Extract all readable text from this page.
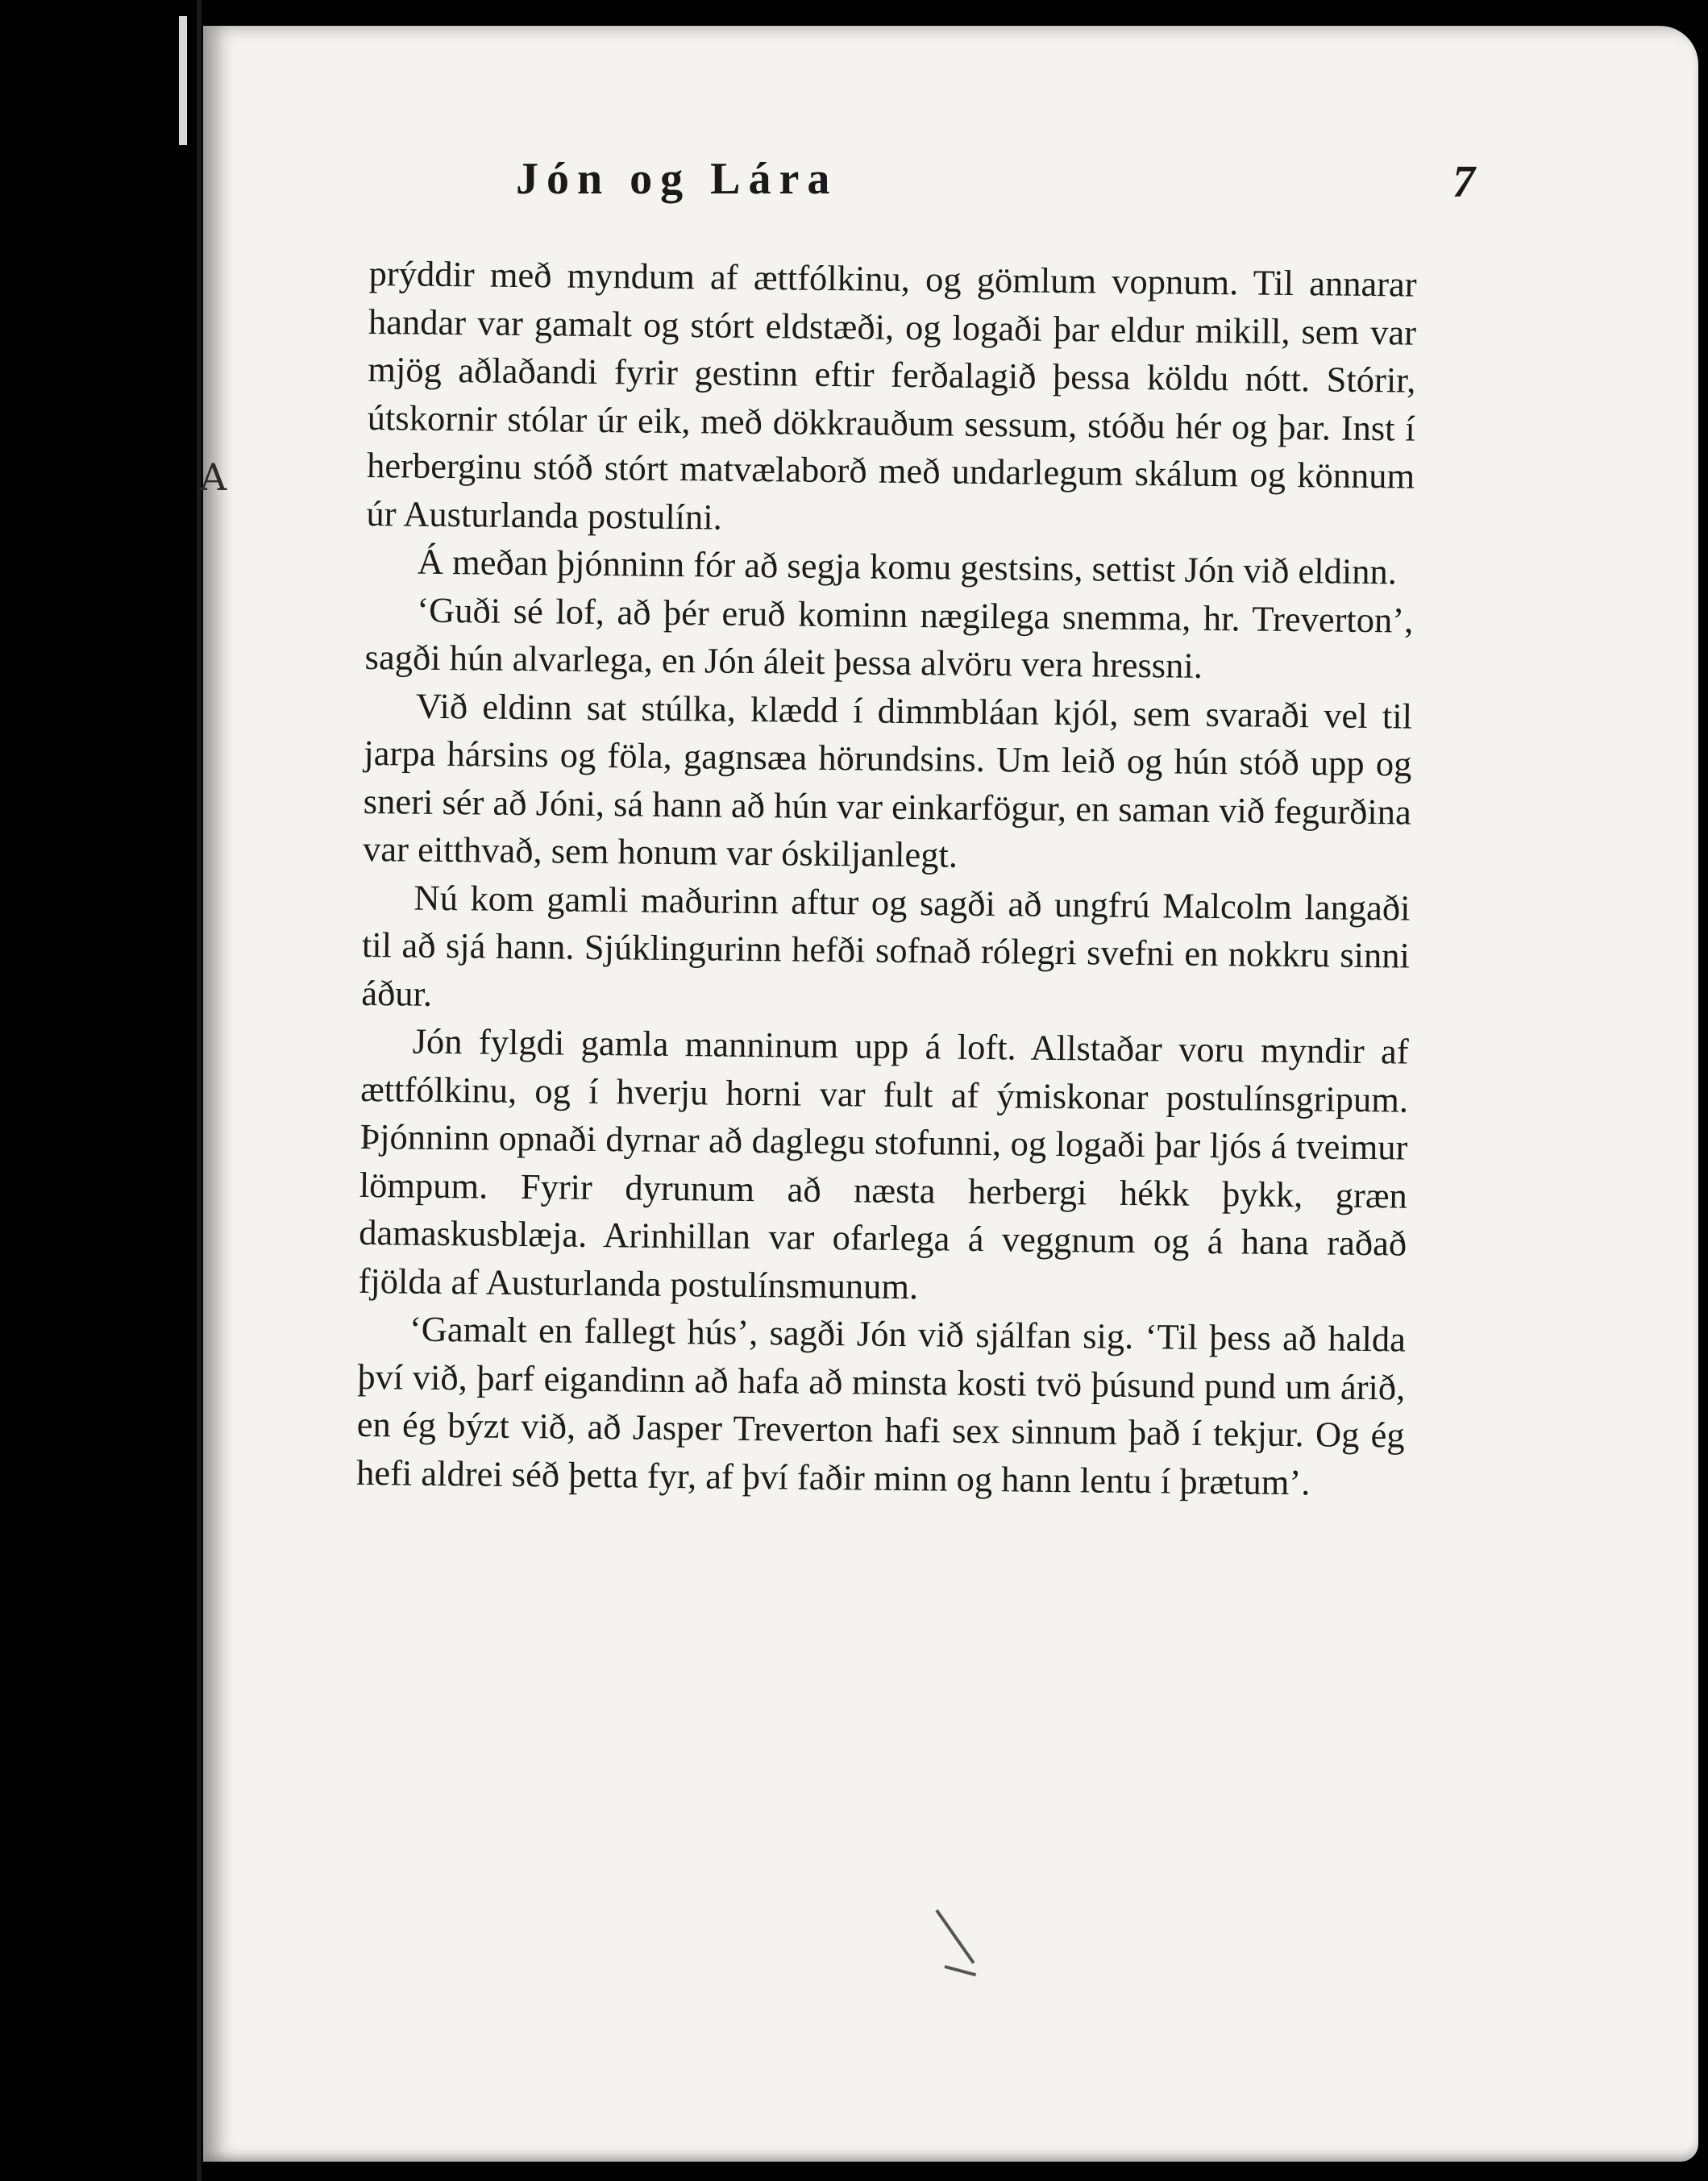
A
Jón og Lára	7

prýddir með myndum af ættfólkinu, og gömlum vopnum. Til annarar handar var gamalt og stórt eldstæði, og logaði þar eldur mikill, sem var mjög aðlaðandi fyrir gestinn eftir ferðalagið þessa köldu nótt. Stórir, útskornir stólar úr eik, með dökkrauðum sessum, stóðu hér og þar. Inst í herberginu stóð stórt matvælaborð með undarlegum skálum og könnum úr Austurlanda postulíni.

Á meðan þjónninn fór að segja komu gestsins, settist Jón við eldinn.

‘Guði sé lof, að þér eruð kominn nægilega snemma, hr. Treverton’, sagði hún alvarlega, en Jón áleit þessa alvöru vera hressni.

Við eldinn sat stúlka, klædd í dimmbláan kjól, sem svaraði vel til jarpa hársins og föla, gagnsæa hörundsins. Um leið og hún stóð upp og sneri sér að Jóni, sá hann að hún var einkarfögur, en saman við fegurðina var eitthvað, sem honum var óskiljanlegt.

Nú kom gamli maðurinn aftur og sagði að ungfrú Malcolm langaði til að sjá hann. Sjúklingurinn hefði sofnað rólegri svefni en nokkru sinni áður.

Jón fylgdi gamla manninum upp á loft. Allstaðar voru myndir af ættfólkinu, og í hverju horni var fult af ýmiskonar postulínsgripum. Þjónninn opnaði dyrnar að daglegu stofunni, og logaði þar ljós á tveimur lömpum. Fyrir dyrunum að næsta herbergi hékk þykk, græn damaskusblæja. Arinhillan var ofarlega á veggnum og á hana raðað fjölda af Austurlanda postulínsmunum.

‘Gamalt en fallegt hús’, sagði Jón við sjálfan sig. ‘Til þess að halda því við, þarf eigandinn að hafa að minsta kosti tvö þúsund pund um árið, en ég býzt við, að Jasper Treverton hafi sex sinnum það í tekjur. Og ég hefi aldrei séð þetta fyr, af því faðir minn og hann lentu í þrætum’.
